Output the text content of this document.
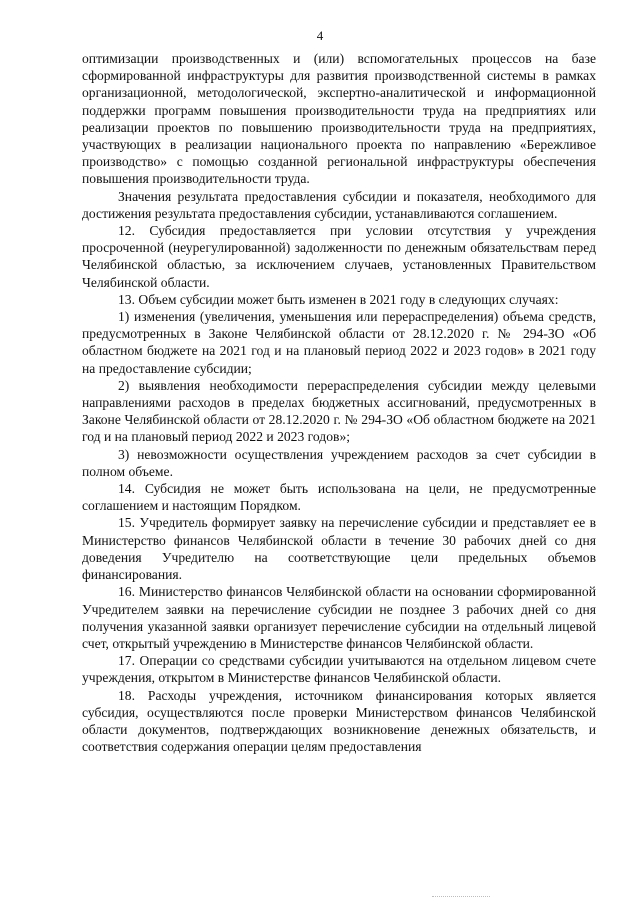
4

оптимизации производственных и (или) вспомогательных процессов на базе сформированной инфраструктуры для развития производственной системы в рамках организационной, методологической, экспертно-аналитической и информационной поддержки программ повышения производительности труда на предприятиях или реализации проектов по повышению производительности труда на предприятиях, участвующих в реализации национального проекта по направлению «Бережливое производство» с помощью созданной региональной инфраструктуры обеспечения повышения производительности труда.

Значения результата предоставления субсидии и показателя, необходимого для достижения результата предоставления субсидии, устанавливаются соглашением.

12. Субсидия предоставляется при условии отсутствия у учреждения просроченной (неурегулированной) задолженности по денежным обязательствам перед Челябинской областью, за исключением случаев, установленных Правительством Челябинской области.

13. Объем субсидии может быть изменен в 2021 году в следующих случаях:

1) изменения (увеличения, уменьшения или перераспределения) объема средств, предусмотренных в Законе Челябинской области от 28.12.2020 г. № 294-ЗО «Об областном бюджете на 2021 год и на плановый период 2022 и 2023 годов» в 2021 году на предоставление субсидии;

2) выявления необходимости перераспределения субсидии между целевыми направлениями расходов в пределах бюджетных ассигнований, предусмотренных в Законе Челябинской области от 28.12.2020 г. № 294-ЗО «Об областном бюджете на 2021 год и на плановый период 2022 и 2023 годов»;

3) невозможности осуществления учреждением расходов за счет субсидии в полном объеме.

14. Субсидия не может быть использована на цели, не предусмотренные соглашением и настоящим Порядком.

15. Учредитель формирует заявку на перечисление субсидии и представляет ее в Министерство финансов Челябинской области в течение 30 рабочих дней со дня доведения Учредителю на соответствующие цели предельных объемов финансирования.

16. Министерство финансов Челябинской области на основании сформированной Учредителем заявки на перечисление субсидии не позднее 3 рабочих дней со дня получения указанной заявки организует перечисление субсидии на отдельный лицевой счет, открытый учреждению в Министерстве финансов Челябинской области.

17. Операции со средствами субсидии учитываются на отдельном лицевом счете учреждения, открытом в Министерстве финансов Челябинской области.

18. Расходы учреждения, источником финансирования которых является субсидия, осуществляются после проверки Министерством финансов Челябинской области документов, подтверждающих возникновение денежных обязательств, и соответствия содержания операции целям предоставления
